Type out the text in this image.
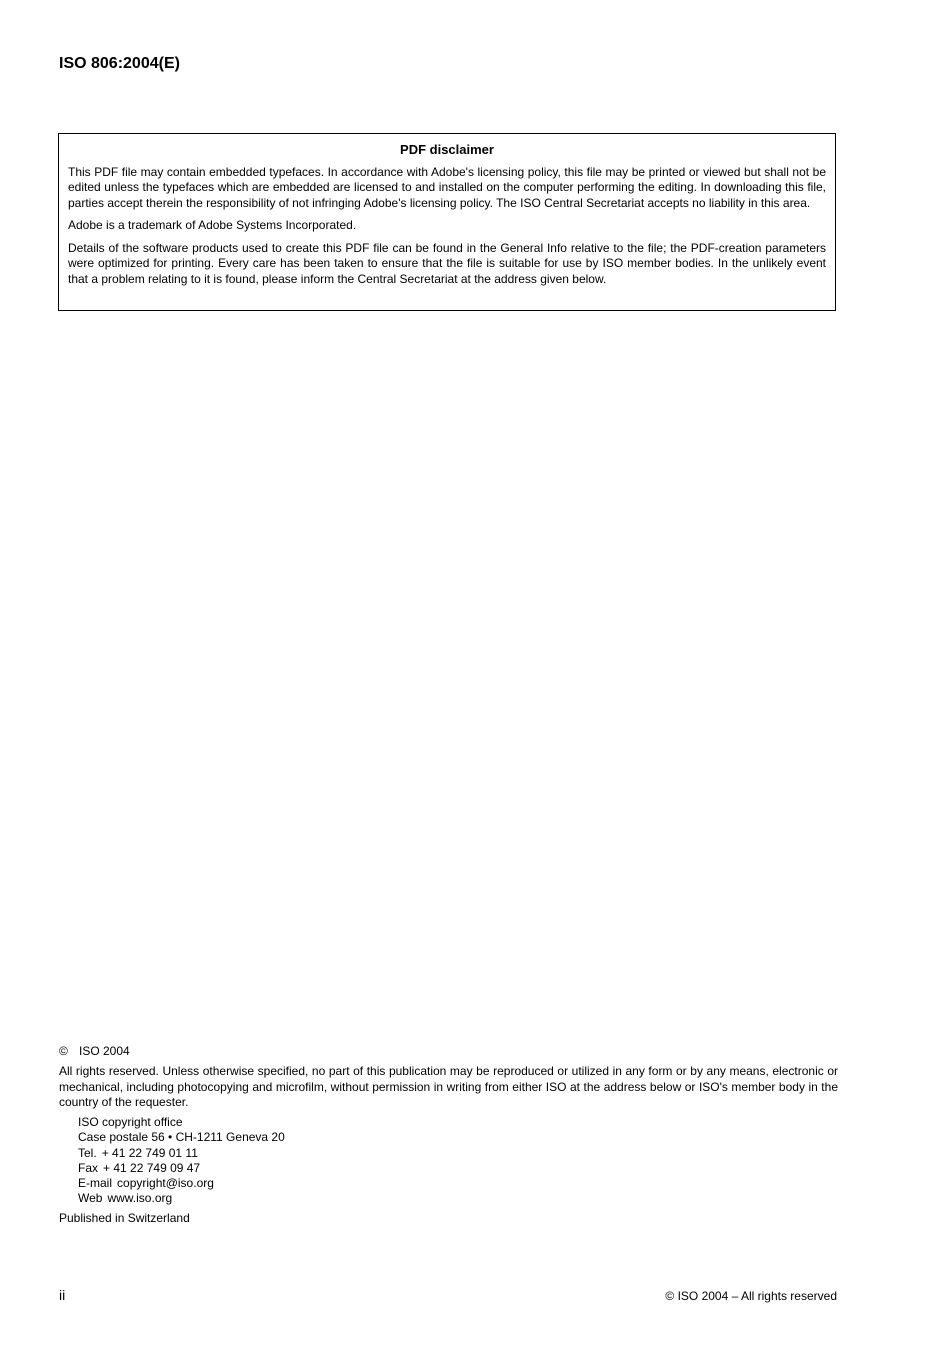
ISO 806:2004(E)
PDF disclaimer

This PDF file may contain embedded typefaces. In accordance with Adobe's licensing policy, this file may be printed or viewed but shall not be edited unless the typefaces which are embedded are licensed to and installed on the computer performing the editing. In downloading this file, parties accept therein the responsibility of not infringing Adobe's licensing policy. The ISO Central Secretariat accepts no liability in this area.

Adobe is a trademark of Adobe Systems Incorporated.

Details of the software products used to create this PDF file can be found in the General Info relative to the file; the PDF-creation parameters were optimized for printing. Every care has been taken to ensure that the file is suitable for use by ISO member bodies. In the unlikely event that a problem relating to it is found, please inform the Central Secretariat at the address given below.

© ISO 2004
All rights reserved. Unless otherwise specified, no part of this publication may be reproduced or utilized in any form or by any means, electronic or mechanical, including photocopying and microfilm, without permission in writing from either ISO at the address below or ISO's member body in the country of the requester.
ISO copyright office
Case postale 56 • CH-1211 Geneva 20
Tel. + 41 22 749 01 11
Fax + 41 22 749 09 47
E-mail copyright@iso.org
Web www.iso.org
Published in Switzerland
ii	© ISO 2004 – All rights reserved
